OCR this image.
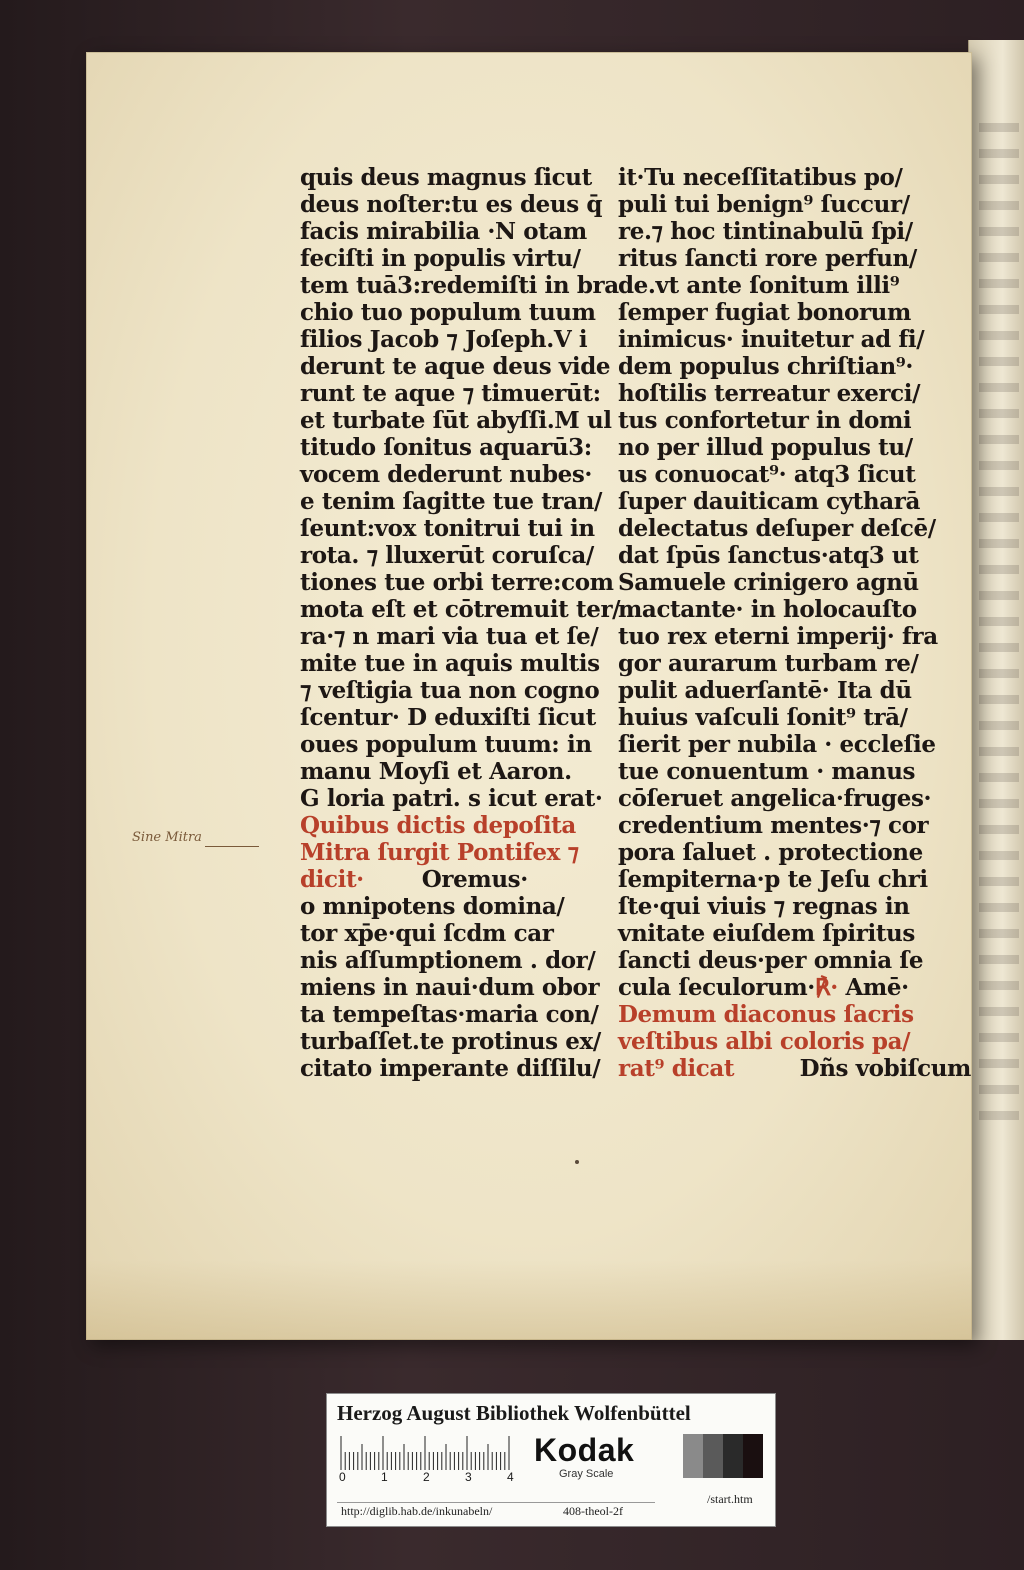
quis deus magnus ſicut
deus noſter:tu es deus q̄
facis mirabilia ·N otam
feciſti in populis virtu/
tem tuā3:redemiſti in bra
chio tuo populum tuum
filios Jacob ⁊ Joſeph.V i
derunt te aque deus vide
runt te aque ⁊ timuerūt:
et turbate ſūt abyſſi.M ul
titudo ſonitus aquarū3:
vocem dederunt nubes·
e tenim ſagitte tue tran/
ſeunt:vox tonitrui tui in
rota. ⁊ lluxerūt coruſca/
tiones tue orbi terre:com
mota eſt et cōtremuit ter/
ra·⁊ n mari via tua et ſe/
mite tue in aquis multis
⁊ veſtigia tua non cogno
ſcentur· D eduxiſti ſicut
oues populum tuum: in
manu Moyſi et Aaron.
G loria patri. s icut erat·
Quibus dictis depoſita
Mitra ſurgit Pontifex ⁊
dicit·	Oremus·
o mnipotens domina/
tor xp̄e·qui ſcdm car
nis aſſumptionem . dor/
miens in naui·dum obor
ta tempeſtas·maria con/
turbaſſet.te protinus ex/
citato imperante diſſilu/
it·Tu neceſſitatibus po/
puli tui benign⁹ ſuccur/
re.⁊ hoc tintinabulū ſpi/
ritus ſancti rore perfun/
de.vt ante ſonitum illi⁹
ſemper fugiat bonorum
inimicus· inuitetur ad fi/
dem populus chriſtian⁹·
hoſtilis terreatur exerci/
tus confortetur in domi
no per illud populus tu/
us conuocat⁹· atq3 ſicut
ſuper dauiticam cytharā
delectatus deſuper deſcē/
dat ſpūs ſanctus·atq3 ut
Samuele crinigero agnū
mactante· in holocauſto
tuo rex eterni imperij· fra
gor aurarum turbam re/
pulit aduerſantē· Ita dū
huius vaſculi ſonit⁹ trā/
ſierit per nubila · eccleſie
tue conuentum · manus
cōſeruet angelica·fruges·
credentium mentes·⁊ cor
pora ſaluet . protectione
ſempiterna·p te Jeſu chri
ſte·qui viuis ⁊ regnas in
vnitate eiuſdem ſpiritus
ſancti deus·per omnia ſe
cula ſeculorum·℟· Amē·
Demum diaconus ſacris
veſtibus albi coloris pa/
rat⁹ dicat	Dñs vobiſcum
Sine Mitra
Herzog August Bibliothek Wolfenbüttel
0	1	2	3	4
Kodak
Gray Scale
http://diglib.hab.de/inkunabeln/	408-theol-2f
/start.htm
